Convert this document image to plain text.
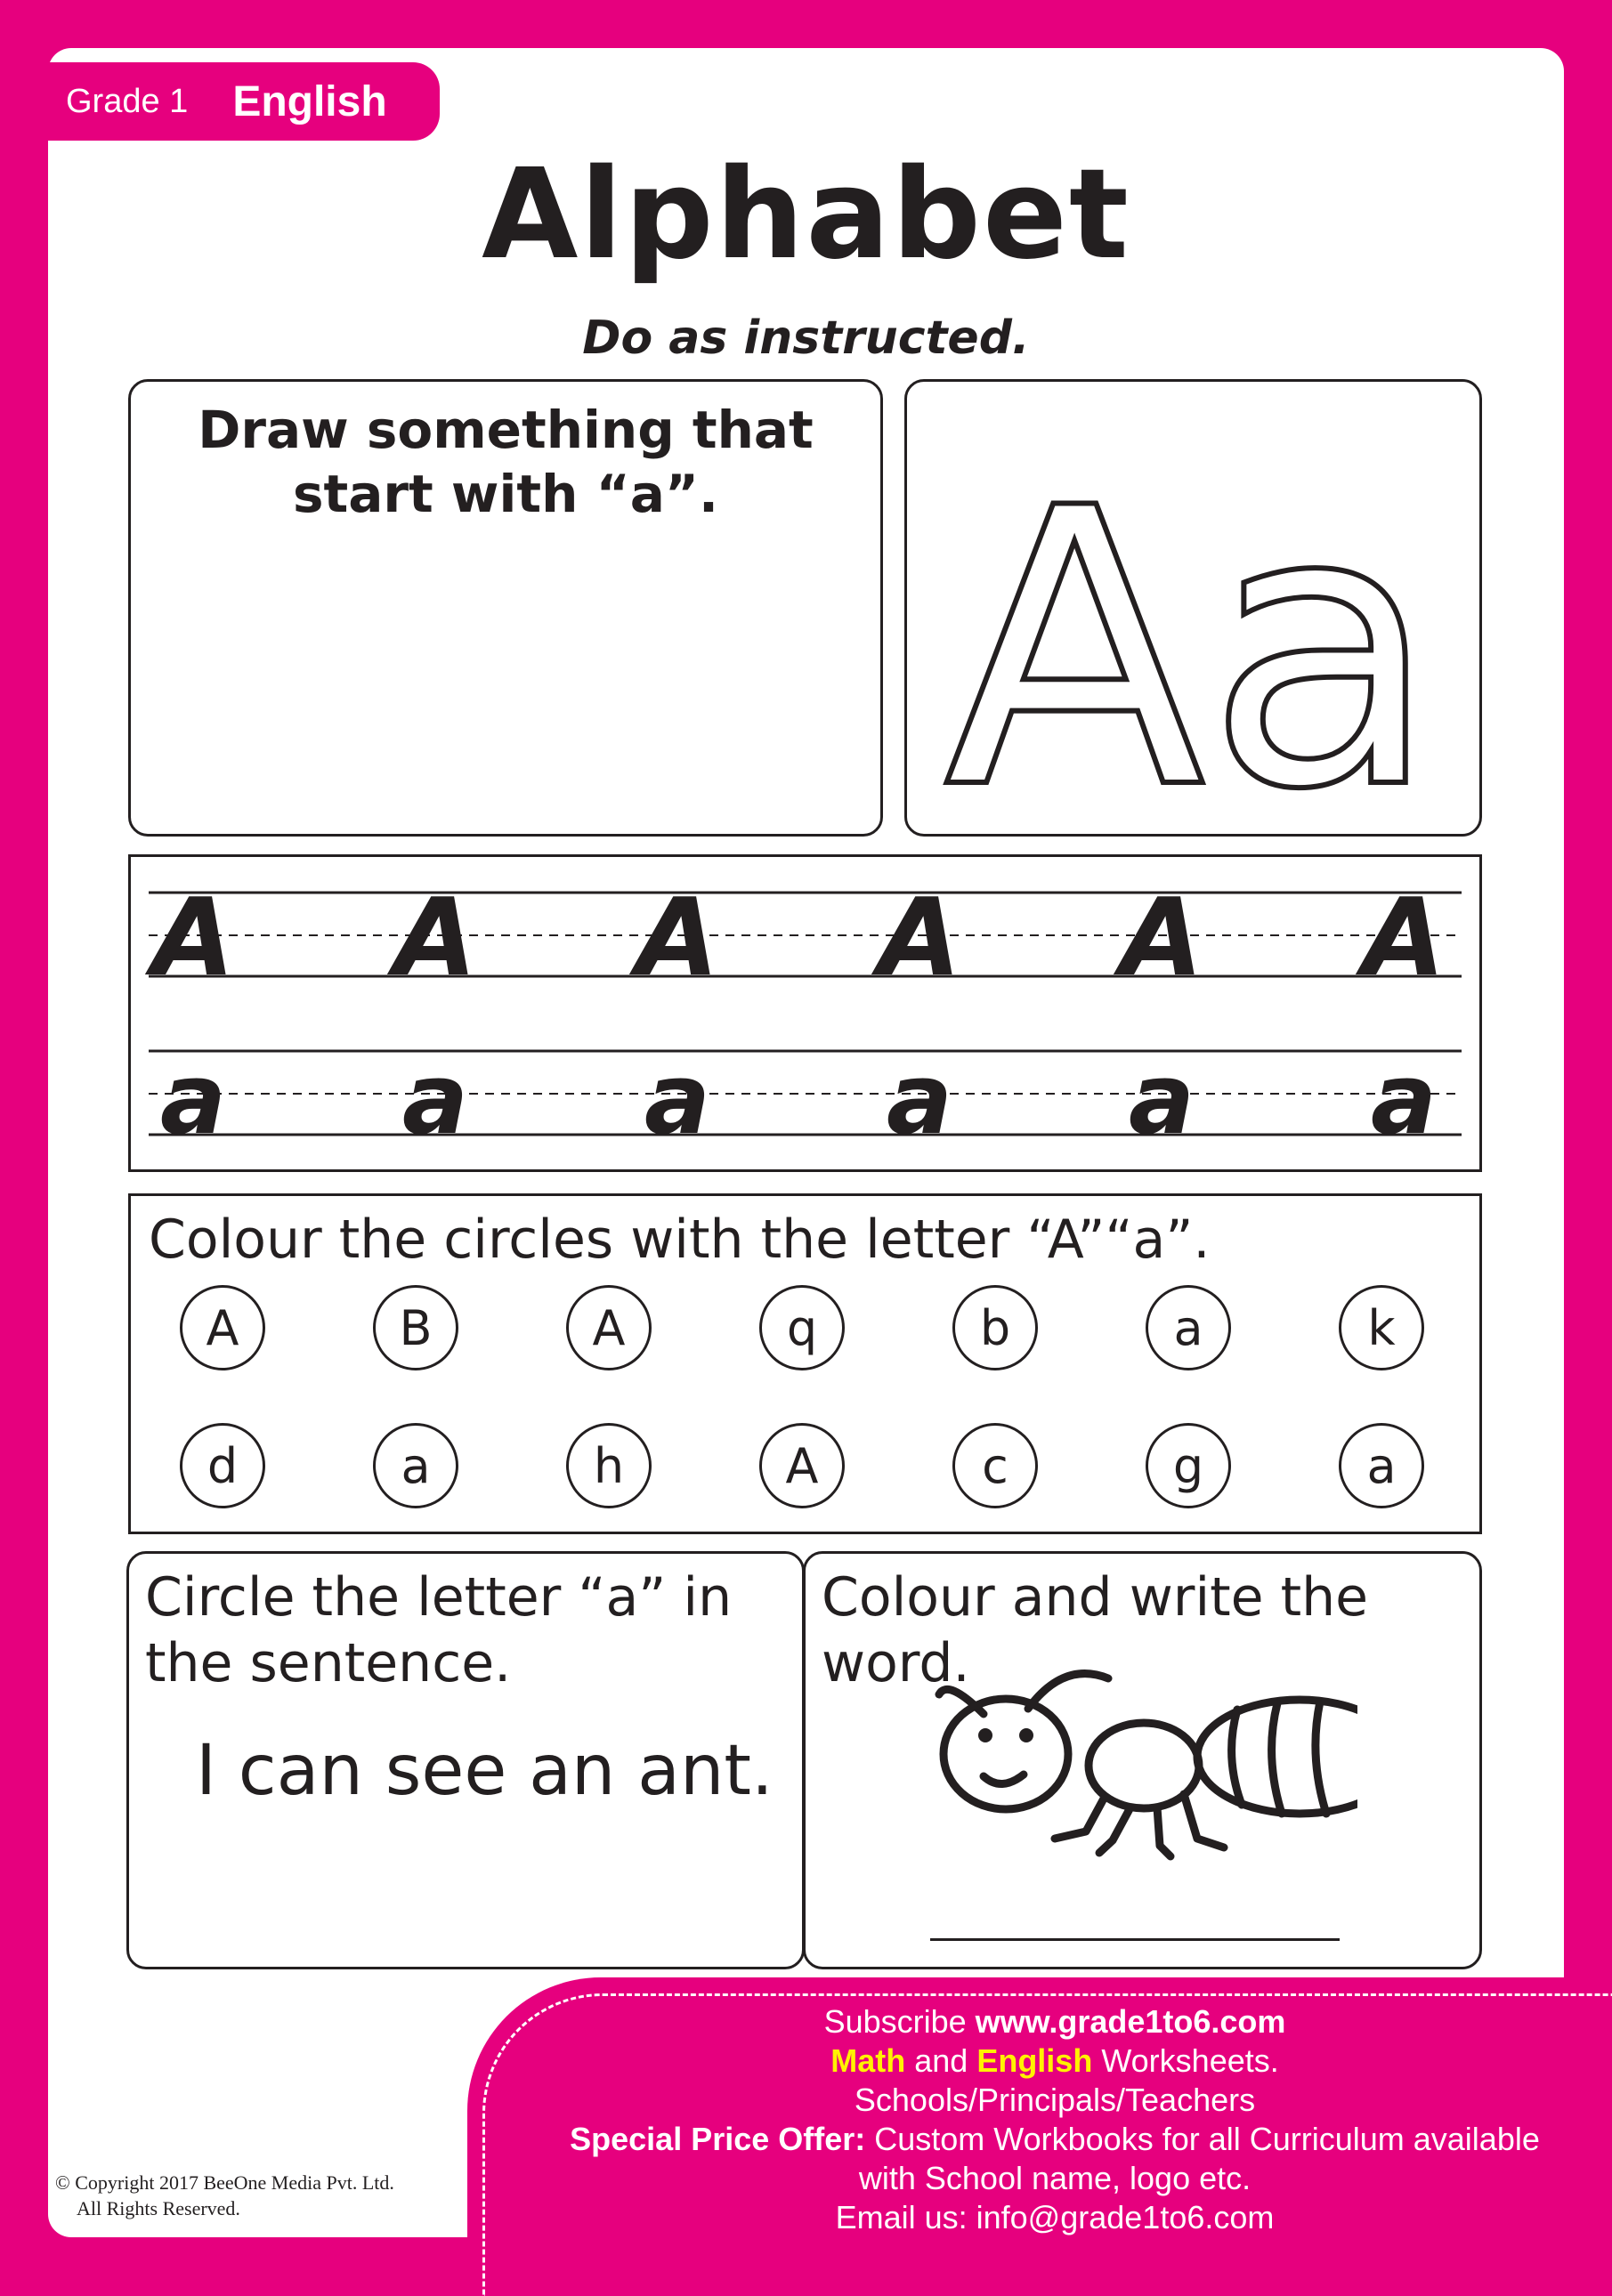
Grade 1 English
Alphabet
Do as instructed.
Draw something that
start with “a”. Aa
A A A A A A
a a a a a a
Colour the circles with the letter “A”“a”.
A	B	A	q	b	a	k
d	a	h	A	c	g	a
Circle the letter “a” in
the sentence.
I can see an ant.
Colour and write the word.
Subscribe www.grade1to6.com
Math and English Worksheets.
Schools/Principals/Teachers
Special Price Offer: Custom Workbooks for all Curriculum available
with School name, logo etc.
Email us: info@grade1to6.com
© Copyright 2017 BeeOne Media Pvt. Ltd.
All Rights Reserved.
